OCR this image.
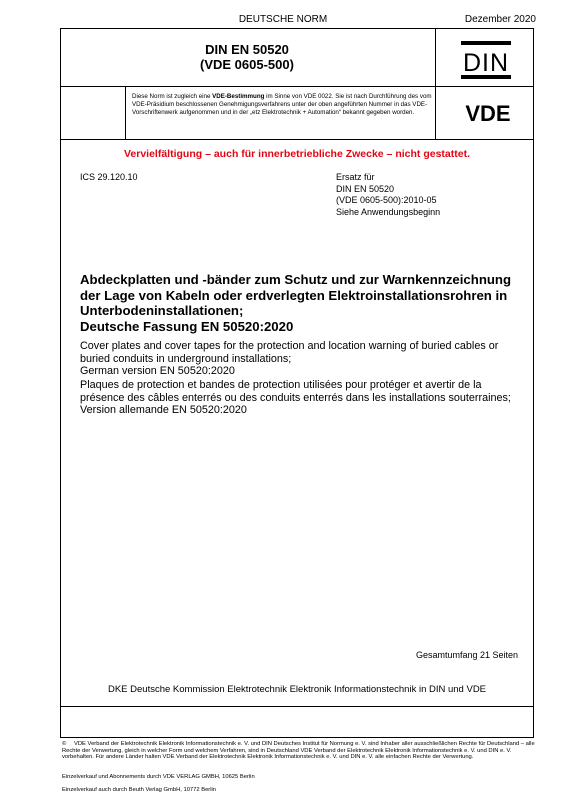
DEUTSCHE NORM	Dezember 2020
DIN EN 50520
(VDE 0605-500)	DIN
Diese Norm ist zugleich eine VDE-Bestimmung im Sinne von VDE 0022. Sie ist nach Durchführung des vom VDE-Präsidium beschlossenen Genehmigungsverfahrens unter der oben angeführten Nummer in das VDE-Vorschriftenwerk aufgenommen und in der „etz Elektrotechnik + Automation“ bekannt gegeben worden.	VDE
Vervielfältigung – auch für innerbetriebliche Zwecke – nicht gestattet.
ICS 29.120.10	Ersatz für
DIN EN 50520
(VDE 0605-500):2010-05
Siehe Anwendungsbeginn
Abdeckplatten und -bänder zum Schutz und zur Warnkennzeichnung der Lage von Kabeln oder erdverlegten Elektroinstallationsrohren in Unterbodeninstallationen;
Deutsche Fassung EN 50520:2020
Cover plates and cover tapes for the protection and location warning of buried cables or buried conduits in underground installations;
German version EN 50520:2020
Plaques de protection et bandes de protection utilisées pour protéger et avertir de la présence des câbles enterrés ou des conduits enterrés dans les installations souterraines;
Version allemande EN 50520:2020
Gesamtumfang 21 Seiten
DKE Deutsche Kommission Elektrotechnik Elektronik Informationstechnik in DIN und VDE
© VDE Verband der Elektrotechnik Elektronik Informationstechnik e. V. und DIN Deutsches Institut für Normung e. V. sind Inhaber aller ausschließlichen Rechte für Deutschland – alle Rechte der Verwertung, gleich in welcher Form und welchem Verfahren, sind in Deutschland VDE Verband der Elektrotechnik Elektronik Informationstechnik e. V. und DIN e. V. vorbehalten. Für andere Länder halten VDE Verband der Elektrotechnik Elektronik Informationstechnik e. V. und DIN e. V. alle einfachen Rechte der Verwertung.
Einzelverkauf und Abonnements durch VDE VERLAG GMBH, 10625 Berlin
Einzelverkauf auch durch Beuth Verlag GmbH, 10772 Berlin
